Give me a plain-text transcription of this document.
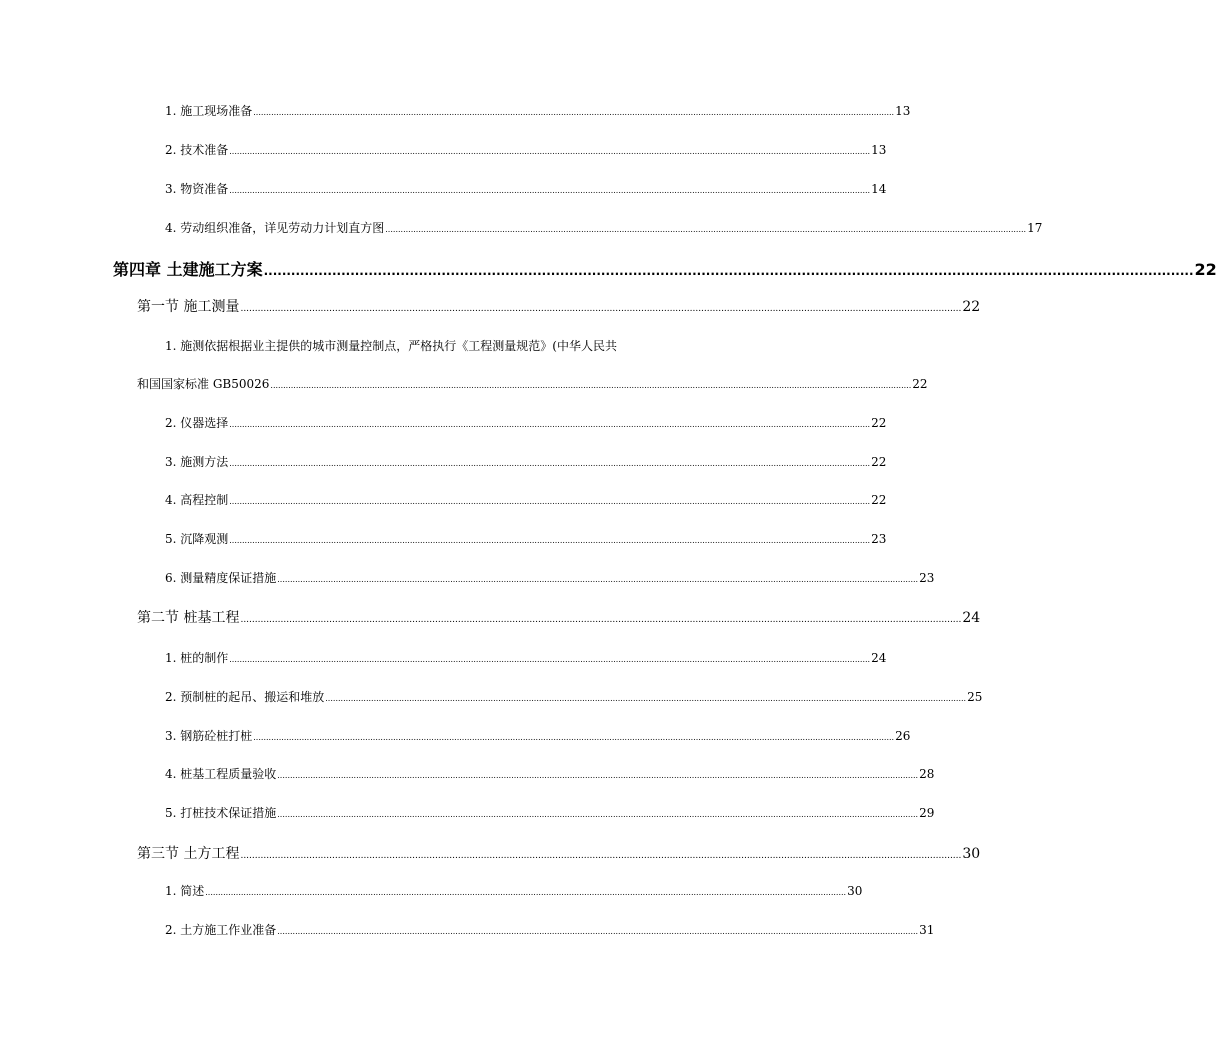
1. 施工现场准备 ............................................................................................................................................................................................................................................................ 13
2. 技术准备 ............................................................................................................................................................................................................................................................ 13
3. 物资准备 ............................................................................................................................................................................................................................................................ 14
4. 劳动组织准备，详见劳动力计划直方图 ............................................................................................................................................................................................................................................................ 17
第四章 土建施工方案 ............................................................................................................................................................................................................ 22
第一节 施工测量 ............................................................................................................................................................................................................................................................ 22
1. 施测依据根据业主提供的城市测量控制点，严格执行《工程测量规范》(中华人民共
和国国家标准 GB50026 ............................................................................................................................................................................................................................................................ 22
2. 仪器选择 ............................................................................................................................................................................................................................................................ 22
3. 施测方法 ............................................................................................................................................................................................................................................................ 22
4. 高程控制 ............................................................................................................................................................................................................................................................ 22
5. 沉降观测 ............................................................................................................................................................................................................................................................ 23
6. 测量精度保证措施 ............................................................................................................................................................................................................................................................ 23
第二节 桩基工程 ............................................................................................................................................................................................................................................................ 24
1. 桩的制作 ............................................................................................................................................................................................................................................................ 24
2. 预制桩的起吊、搬运和堆放 ............................................................................................................................................................................................................................................................ 25
3. 钢筋砼桩打桩 ............................................................................................................................................................................................................................................................ 26
4. 桩基工程质量验收 ............................................................................................................................................................................................................................................................ 28
5. 打桩技术保证措施 ............................................................................................................................................................................................................................................................ 29
第三节 土方工程 ............................................................................................................................................................................................................................................................ 30
1. 简述 ............................................................................................................................................................................................................................................................ 30
2. 土方施工作业准备 ............................................................................................................................................................................................................................................................ 31
